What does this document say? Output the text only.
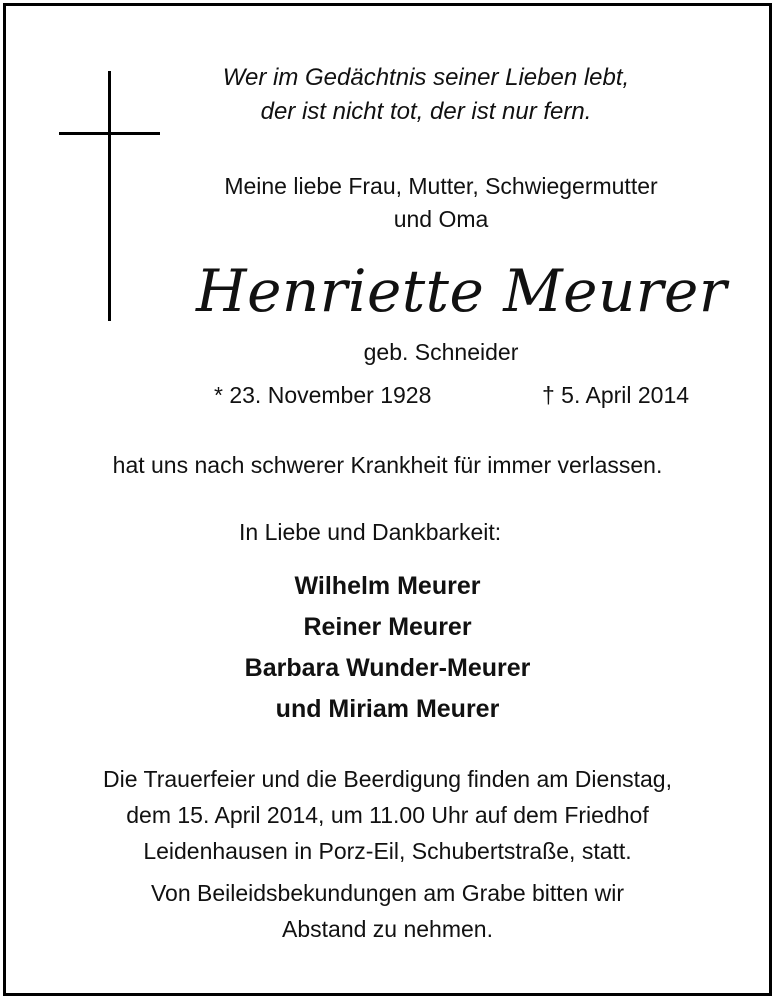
Wer im Gedächtnis seiner Lieben lebt,
der ist nicht tot, der ist nur fern.
Meine liebe Frau, Mutter, Schwiegermutter
und Oma
Henriette Meurer
geb. Schneider
* 23. November 1928	† 5. April 2014
hat uns nach schwerer Krankheit für immer verlassen.
In Liebe und Dankbarkeit:
Wilhelm Meurer
Reiner Meurer
Barbara Wunder-Meurer
und Miriam Meurer
Die Trauerfeier und die Beerdigung finden am Dienstag,
dem 15. April 2014, um 11.00 Uhr auf dem Friedhof
Leidenhausen in Porz-Eil, Schubertstraße, statt.
Von Beileidsbekundungen am Grabe bitten wir
Abstand zu nehmen.
